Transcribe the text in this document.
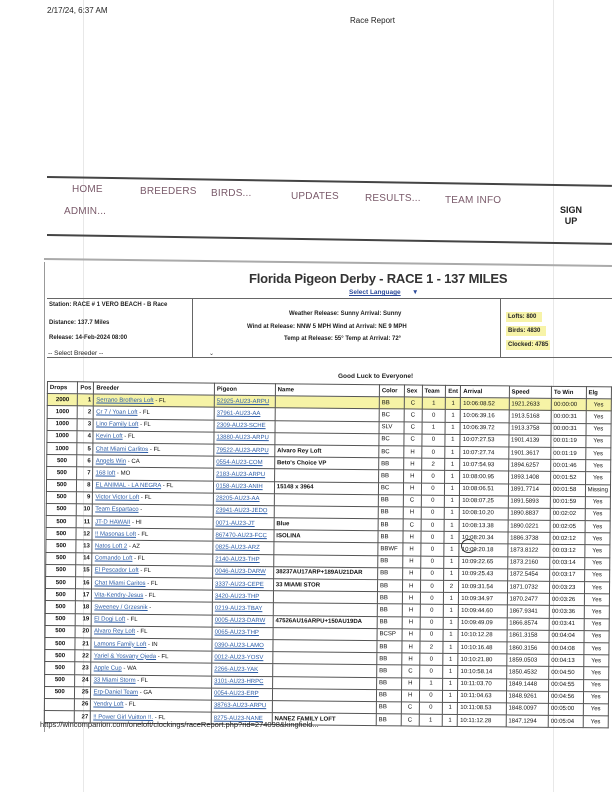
2/17/24, 6:37 AM
Race Report
HOME	BREEDERS BIRDS...	UPDATES	RESULTS... TEAM INFO
ADMIN...	SIGN
UP
Florida Pigeon Derby - RACE 1 - 137 MILES
Select Language ▼
Station: RACE # 1 VERO BEACH - B Race
Distance: 137.7 Miles
Release: 14-Feb-2024 08:00
Weather Release: Sunny Arrival: Sunny
Wind at Release: NNW 5 MPH Wind at Arrival: NE 9 MPH
Temp at Release: 55° Temp at Arrival: 72°
Lofts: 800
Birds: 4830
Clocked: 4785
-- Select Breeder --	⌄
Good Luck to Everyone!
Drops	Pos	Breeder	Pigeon	Name	Color	Sex	Team	Ent	Arrival	Speed	To Win	Elg
2000	1	Serrano Brothers Loft - FL	52925-AU23-ARPU		BB	C	1	1	10:06:08.52	1921.2633	00:00:00	Yes
1000	2	Cr 7 / Yoan Loft - FL	37961-AU23-AA		BC	C	0	1	10:06:39.16	1913.5168	00:00:31	Yes
1000	3	Lino Family Loft - FL	2309-AU23-SCHE		SLV	C	1	1	10:06:39.72	1913.3758	00:00:31	Yes
1000	4	Kevin Loft - FL	13880-AU23-ARPU		BC	C	0	1	10:07:27.53	1901.4139	00:01:19	Yes
1000	5	Chat Miami Carlitos - FL	79522-AU23-ARPU	Alvaro Rey Loft	BC	H	0	1	10:07:27.74	1901.3617	00:01:19	Yes
500	6	Angels Win - CA	0554-AU23-COM	Beto's Choice VP	BB	H	2	1	10:07:54.93	1894.6257	00:01:46	Yes
500	7	168 loft - MO	2183-AU23-ARPU		BB	H	0	1	10:08:00.95	1893.1408	00:01:52	Yes
500	8	EL ANIMAL - LA NEGRA - FL	0158-AU23-ANIH	15148 x 3964	BC	H	0	1	10:08:06.51	1891.7714	00:01:58	Missing
500	9	Victor Victor Loft - FL	28205-AU23-AA		BB	C	0	1	10:08:07.25	1891.5893	00:01:59	Yes
500	10	Team Espartaco -	23941-AU23-JEDO		BB	H	0	1	10:08:10.20	1890.8837	00:02:02	Yes
500	11	JT-D HAWAII - HI	0071-AU23-JT	Blue	BB	C	0	1	10:08:13.38	1890.0221	00:02:05	Yes
500	12	!! Masonas Loft - FL	867470-AU23-FCC	ISOLINA	BB	H	0	1	10:08:20.34	1886.3738	00:02:12	Yes
500	13	Natos Loft 2 - AZ	0825-AU23-ARZ		BBWF	H	0	1	10:09:20.18	1873.8122	00:03:12	Yes
500	14	Comando Loft - FL	2140-AU23-THP		BB	H	0	1	10:09:22.65	1873.2160	00:03:14	Yes
500	15	El Pescador Loft - FL	0046-AU23-DARW	38237AU17ARP+189AU21DAR	BB	H	0	1	10:09:25.43	1872.5454	00:03:17	Yes
500	16	Chat Miami Caritos - FL	3337-AU23-CEPE	33 MIAMI STOR	BB	H	0	2	10:09:31.54	1871.0732	00:03:23	Yes
500	17	Vita-Kendry-Jesus - FL	3420-AU23-THP		BB	H	0	1	10:09:34.97	1870.2477	00:03:26	Yes
500	18	Sweeney / Grzesnik -	0219-AU23-TBAY		BB	H	0	1	10:09:44.60	1867.9341	00:03:36	Yes
500	19	El Dogi Loft - FL	0005-AU23-DARW	47526AU16ARPU+150AU19DA	BB	H	0	1	10:09:49.09	1866.8574	00:03:41	Yes
500	20	Alvaro Rey Loft - FL	0065-AU23-THP		BCSP	H	0	1	10:10:12.28	1861.3158	00:04:04	Yes
500	21	Lamons Family Loft - IN	0390-AU23-LAMO		BB	H	2	1	10:10:16.48	1860.3156	00:04:08	Yes
500	22	Yariel & Yosvany Ojeda - FL	0012-AU23-YOSV		BB	H	0	1	10:10:21.80	1859.0503	00:04:13	Yes
500	23	Apple Cup - WA	2266-AU23-YAK		BB	C	0	1	10:10:58.14	1850.4532	00:04:50	Yes
500	24	33 Miami Storm - FL	3101-AU23-HRPC		BB	H	1	1	10:11:03.70	1849.1448	00:04:55	Yes
500	25	Erp-Daniel Team - GA	0054-AU23-ERP		BB	H	0	1	10:11:04.63	1848.9261	00:04:56	Yes
	26	Yendry Loft - FL	38763-AU23-ARPU		BB	C	0	1	10:11:08.53	1848.0097	00:05:00	Yes
	27	!! Power Girl Vuitton !!. - FL	8275-AU23-NANE	NANEZ FAMILY LOFT	BB	C	1	1	10:11:12.28	1847.1294	00:05:04	Yes
https://wincompanion.com/oneloft/clockings/raceReport.php?rid=274098&kingfield...
